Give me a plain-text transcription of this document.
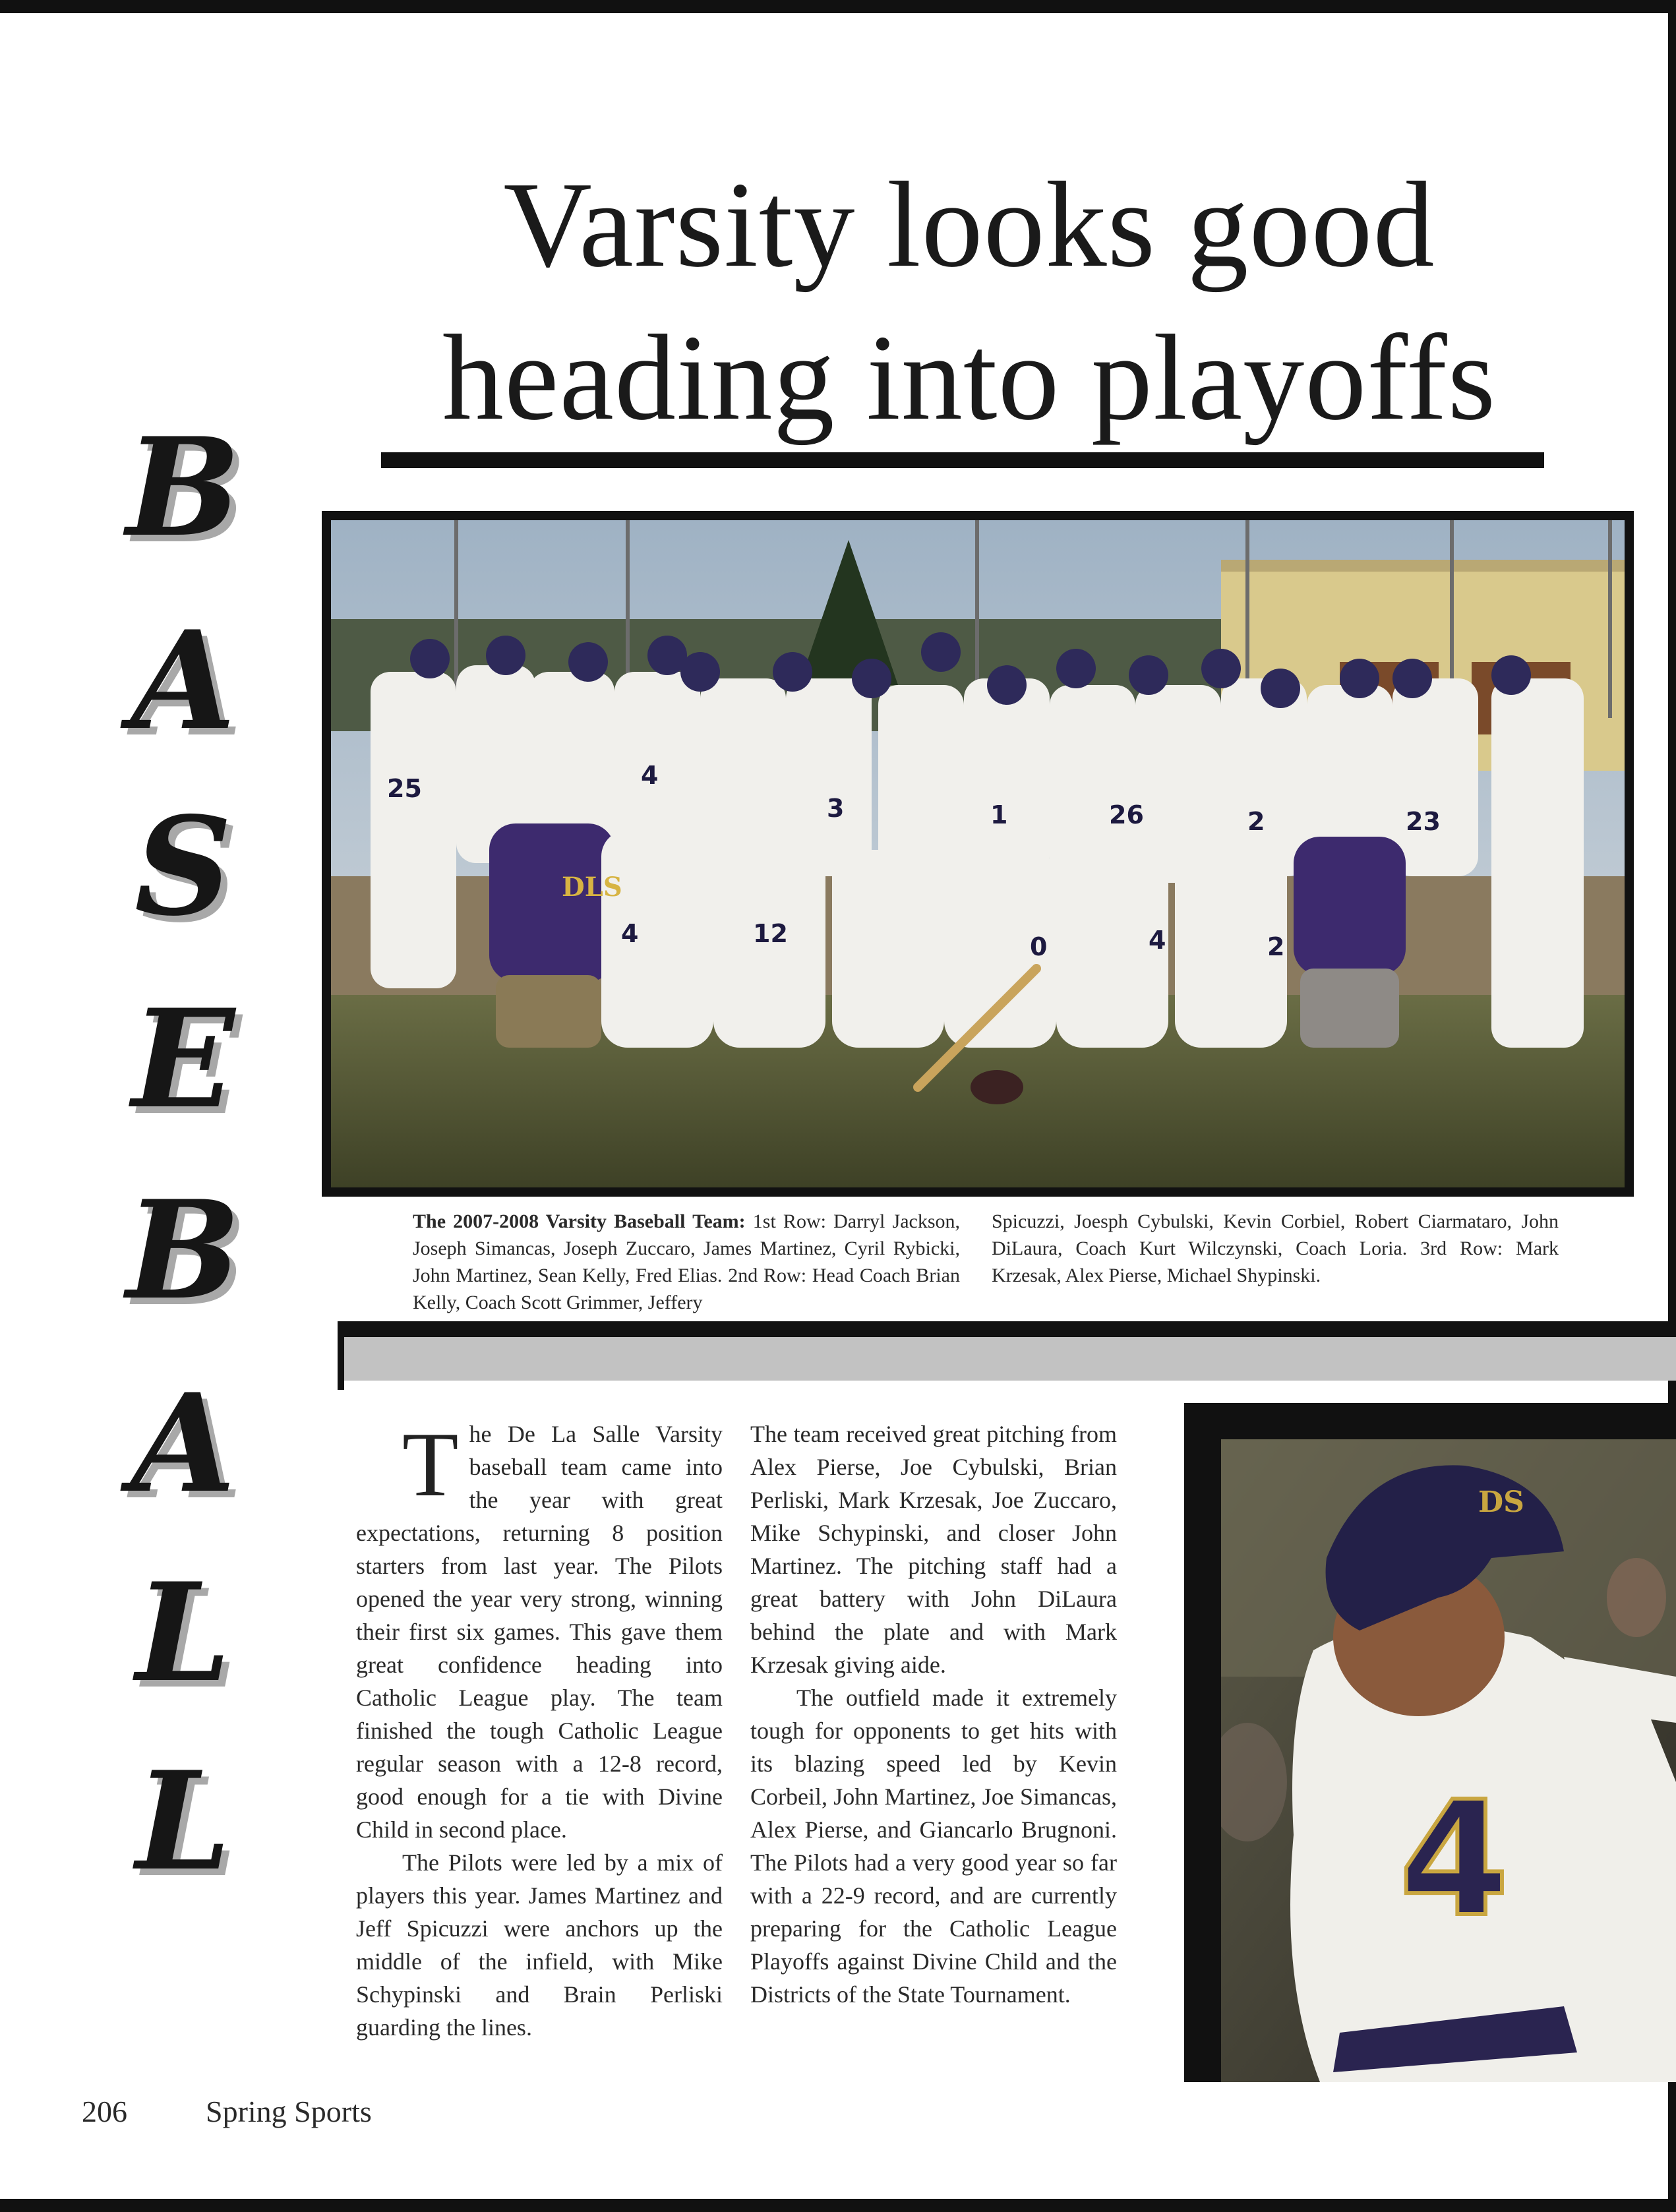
Varsity looks good
heading into playoffs
B
A
S
E
B
A
L
L
25	4
3	1	26	2	23
4	12	0	4	2
DLS

The 2007-2008 Varsity Baseball Team: 1st Row: Darryl Jackson, Joseph Simancas, Joseph Zuccaro, James Martinez, Cyril Rybicki, John Martinez, Sean Kelly, Fred Elias. 2nd Row: Head Coach Brian Kelly, Coach Scott Grimmer, Jeffery

Spicuzzi, Joesph Cybulski, Kevin Corbiel, Robert Ciarmataro, John DiLaura, Coach Kurt Wilczynski, Coach Loria. 3rd Row: Mark Krzesak, Alex Pierse, Michael Shypinski.

The De La Salle Varsity baseball team came into the year with great expectations, returning 8 position starters from last year. The Pilots opened the year very strong, winning their first six games. This gave them great confidence heading into Catholic League play. The team finished the tough Catholic League regular season with a 12-8 record, good enough for a tie with Divine Child in second place.

The Pilots were led by a mix of players this year. James Martinez and Jeff Spicuzzi were anchors up the middle of the infield, with Mike Schypinski and Brain Perliski guarding the lines.

The team received great pitching from Alex Pierse, Joe Cybulski, Brian Perliski, Mark Krzesak, Joe Zuccaro, Mike Schypinski, and closer John Martinez. The pitching staff had a great battery with John DiLaura behind the plate and with Mark Krzesak giving aide.

The outfield made it extremely tough for opponents to get hits with its blazing speed led by Kevin Corbeil, John Martinez, Joe Simancas, Alex Pierse, and Giancarlo Brugnoni. The Pilots had a very good year so far with a 22-9 record, and are currently preparing for the Catholic League Playoffs against Divine Child and the Districts of the State Tournament.

DS
4

206	Spring Sports
